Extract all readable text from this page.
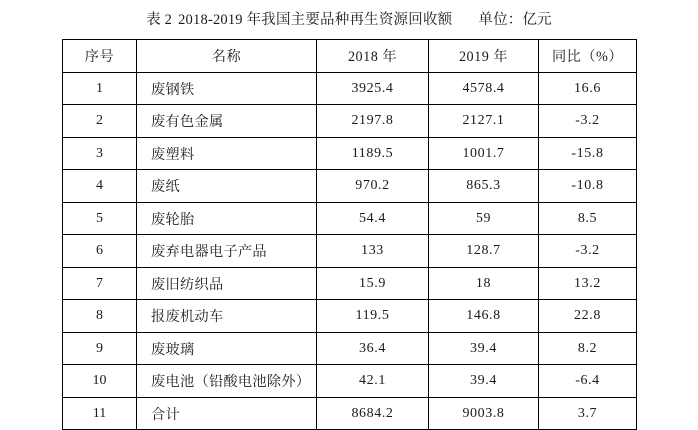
表 2 2018-2019 年我国主要品种再生资源回收额 单位：亿元
序号	名称	2018 年	2019 年	同比（%）
1	废钢铁	3925.4	4578.4	16.6
2	废有色金属	2197.8	2127.1	-3.2
3	废塑料	1189.5	1001.7	-15.8
4	废纸	970.2	865.3	-10.8
5	废轮胎	54.4	59	8.5
6	废弃电器电子产品	133	128.7	-3.2
7	废旧纺织品	15.9	18	13.2
8	报废机动车	119.5	146.8	22.8
9	废玻璃	36.4	39.4	8.2
10	废电池（铅酸电池除外）	42.1	39.4	-6.4
11	合计	8684.2	9003.8	3.7
